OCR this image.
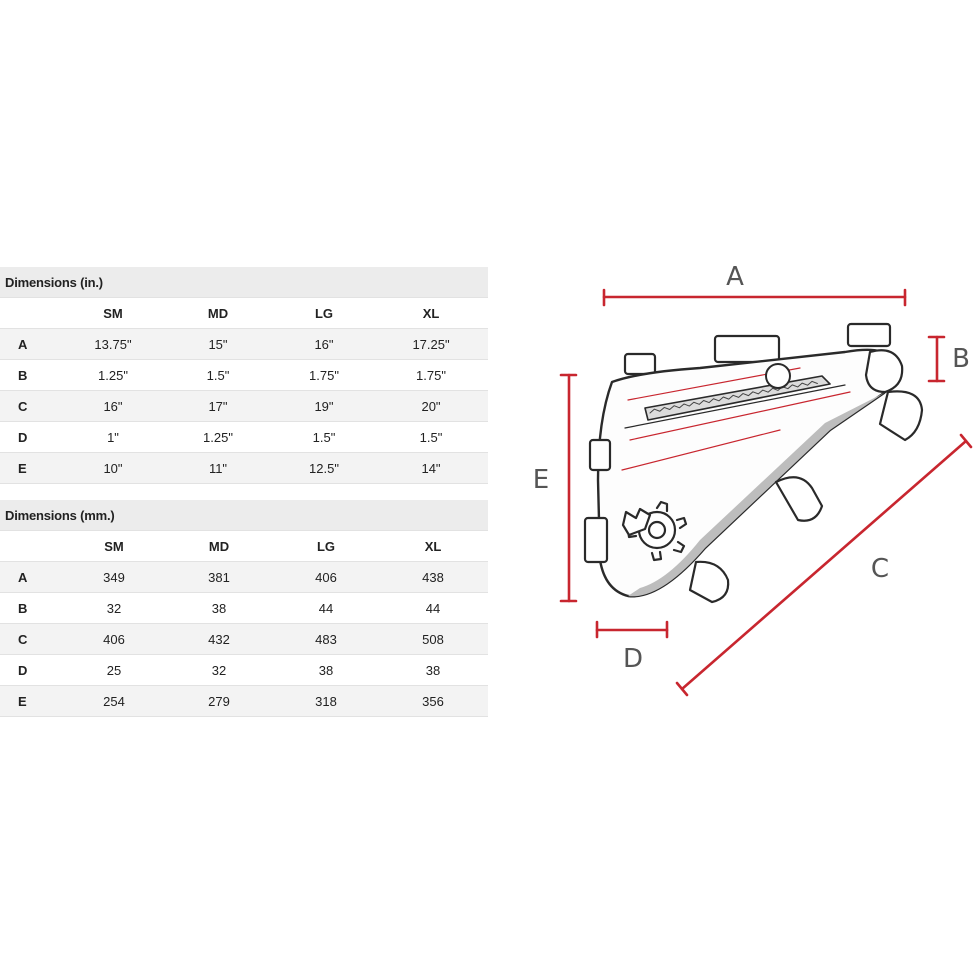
Dimensions (in.)				
	SM	MD	LG	XL
A	13.75"	15"	16"	17.25"
B	1.25"	1.5"	1.75"	1.75"
C	16"	17"	19"	20"
D	1"	1.25"	1.5"	1.5"
E	10"	11"	12.5"	14"
Dimensions (mm.)				
	SM	MD	LG	XL
A	349	381	406	438
B	32	38	44	44
C	406	432	483	508
D	25	32	38	38
E	254	279	318	356
A
B
C
D
E
